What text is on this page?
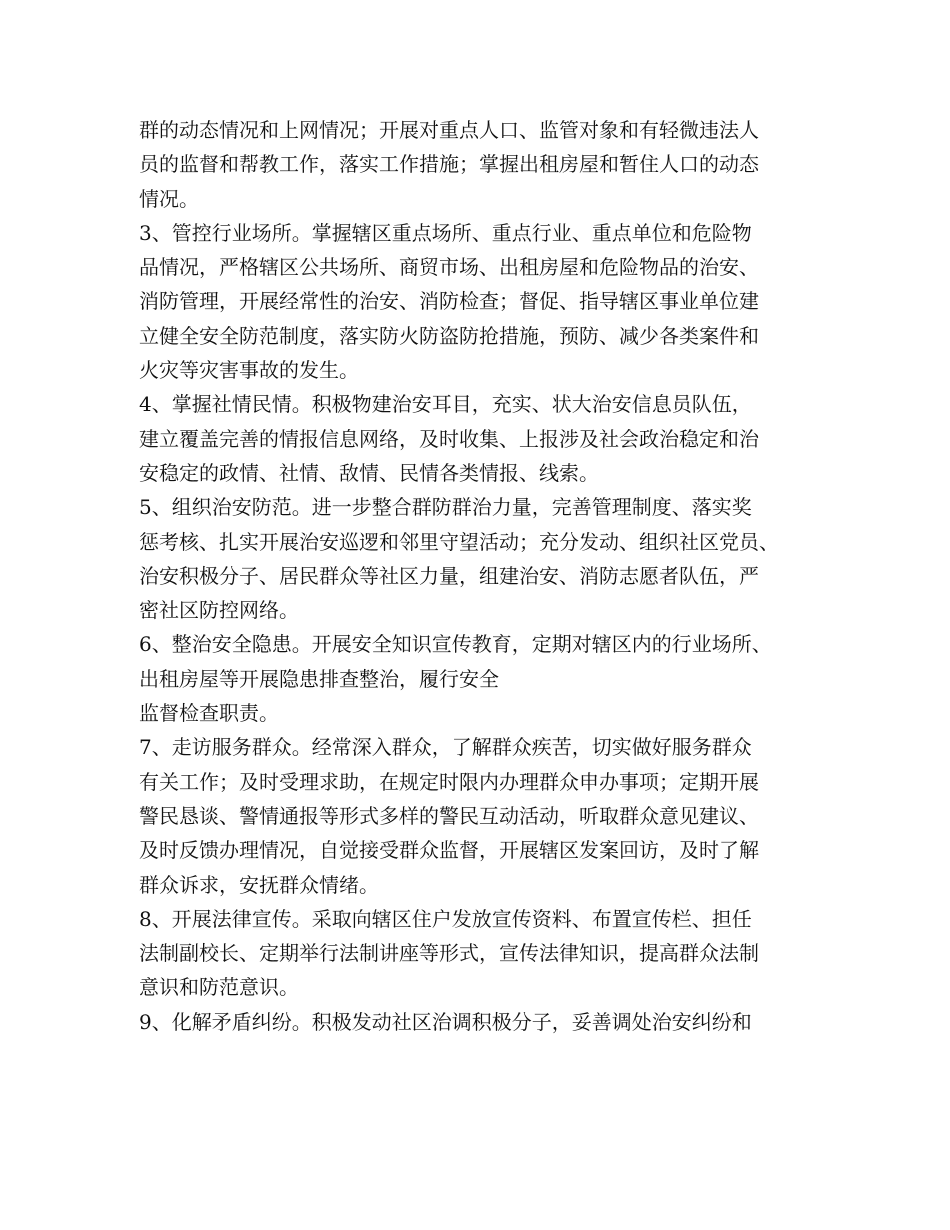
群的动态情况和上网情况；开展对重点人口、监管对象和有轻微违法人
员的监督和帮教工作，落实工作措施；掌握出租房屋和暂住人口的动态
情况。
3、管控行业场所。掌握辖区重点场所、重点行业、重点单位和危险物
品情况，严格辖区公共场所、商贸市场、出租房屋和危险物品的治安、
消防管理，开展经常性的治安、消防检查；督促、指导辖区事业单位建
立健全安全防范制度，落实防火防盗防抢措施，预防、减少各类案件和
火灾等灾害事故的发生。
4、掌握社情民情。积极物建治安耳目，充实、状大治安信息员队伍，
建立覆盖完善的情报信息网络，及时收集、上报涉及社会政治稳定和治
安稳定的政情、社情、敌情、民情各类情报、线索。
5、组织治安防范。进一步整合群防群治力量，完善管理制度、落实奖
惩考核、扎实开展治安巡逻和邻里守望活动；充分发动、组织社区党员、
治安积极分子、居民群众等社区力量，组建治安、消防志愿者队伍，严
密社区防控网络。
6、整治安全隐患。开展安全知识宣传教育，定期对辖区内的行业场所、
出租房屋等开展隐患排查整治，履行安全
监督检查职责。
7、走访服务群众。经常深入群众，了解群众疾苦，切实做好服务群众
有关工作；及时受理求助，在规定时限内办理群众申办事项；定期开展
警民恳谈、警情通报等形式多样的警民互动活动，听取群众意见建议、
及时反馈办理情况，自觉接受群众监督，开展辖区发案回访，及时了解
群众诉求，安抚群众情绪。
8、开展法律宣传。采取向辖区住户发放宣传资料、布置宣传栏、担任
法制副校长、定期举行法制讲座等形式，宣传法律知识，提高群众法制
意识和防范意识。
9、化解矛盾纠纷。积极发动社区治调积极分子，妥善调处治安纠纷和
